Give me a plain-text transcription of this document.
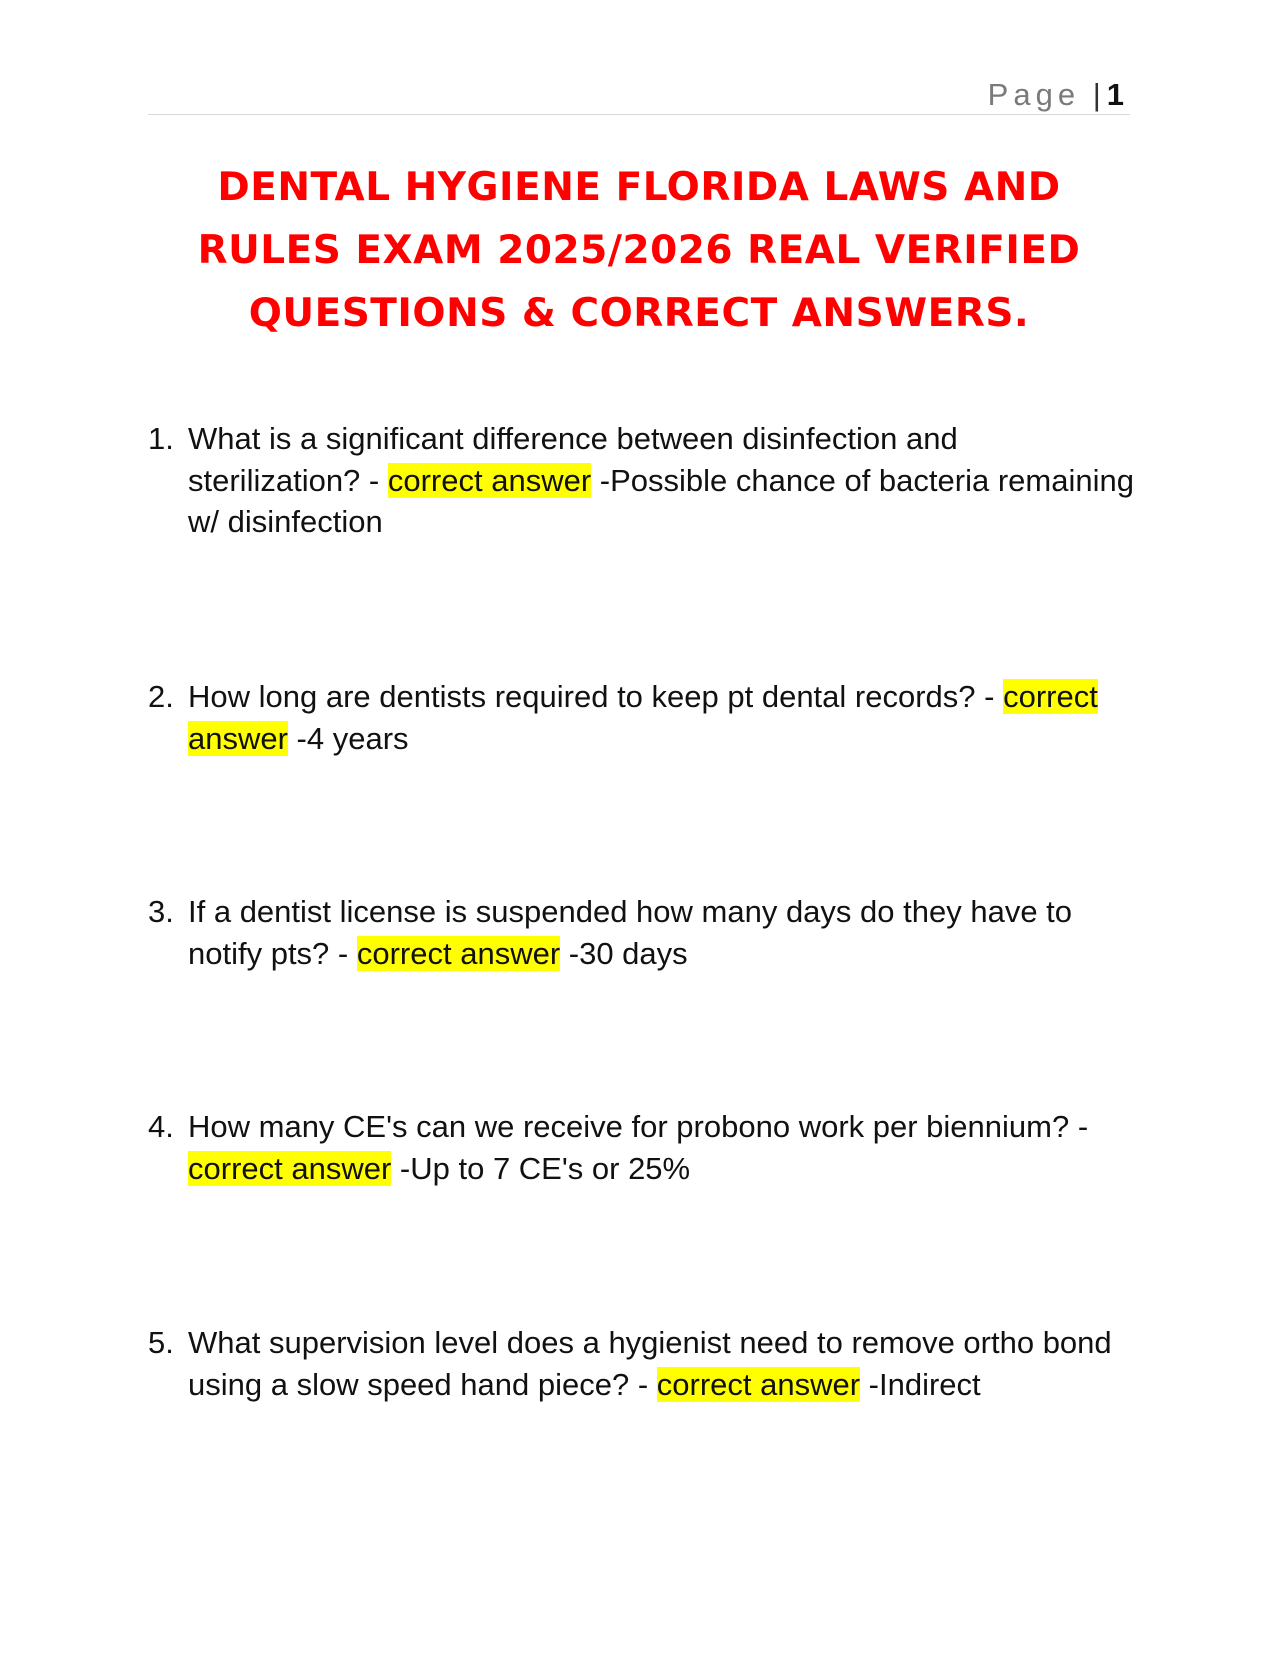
Page | 1
DENTAL HYGIENE FLORIDA LAWS AND RULES EXAM 2025/2026 REAL VERIFIED QUESTIONS & CORRECT ANSWERS.
1. What is a significant difference between disinfection and sterilization? - correct answer -Possible chance of bacteria remaining w/ disinfection
2. How long are dentists required to keep pt dental records? - correct answer -4 years
3. If a dentist license is suspended how many days do they have to notify pts? - correct answer -30 days
4. How many CE's can we receive for probono work per biennium? - correct answer -Up to 7 CE's or 25%
5. What supervision level does a hygienist need to remove ortho bond using a slow speed hand piece? - correct answer -Indirect
